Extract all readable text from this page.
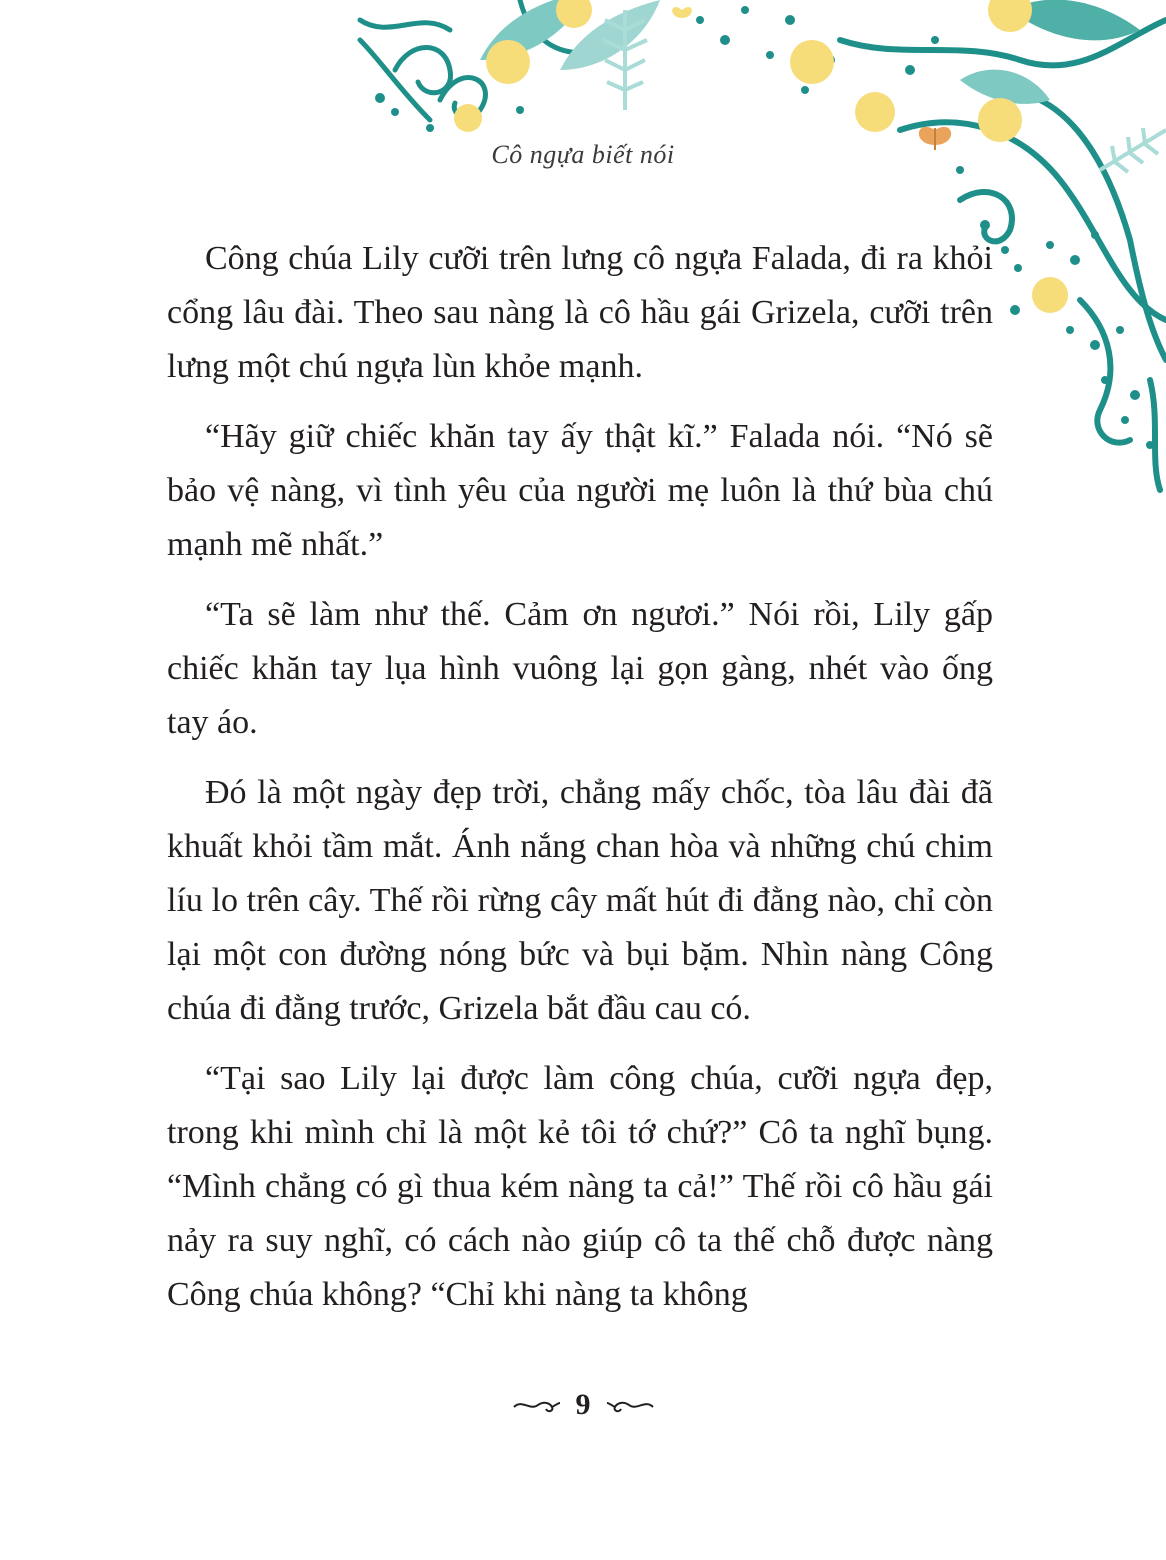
Cô ngựa biết nói

Công chúa Lily cưỡi trên lưng cô ngựa Falada, đi ra khỏi cổng lâu đài. Theo sau nàng là cô hầu gái Grizela, cưỡi trên lưng một chú ngựa lùn khỏe mạnh.

“Hãy giữ chiếc khăn tay ấy thật kĩ.” Falada nói. “Nó sẽ bảo vệ nàng, vì tình yêu của người mẹ luôn là thứ bùa chú mạnh mẽ nhất.”

“Ta sẽ làm như thế. Cảm ơn ngươi.” Nói rồi, Lily gấp chiếc khăn tay lụa hình vuông lại gọn gàng, nhét vào ống tay áo.

Đó là một ngày đẹp trời, chẳng mấy chốc, tòa lâu đài đã khuất khỏi tầm mắt. Ánh nắng chan hòa và những chú chim líu lo trên cây. Thế rồi rừng cây mất hút đi đằng nào, chỉ còn lại một con đường nóng bức và bụi bặm. Nhìn nàng Công chúa đi đằng trước, Grizela bắt đầu cau có.

“Tại sao Lily lại được làm công chúa, cưỡi ngựa đẹp, trong khi mình chỉ là một kẻ tôi tớ chứ?” Cô ta nghĩ bụng. “Mình chẳng có gì thua kém nàng ta cả!” Thế rồi cô hầu gái nảy ra suy nghĩ, có cách nào giúp cô ta thế chỗ được nàng Công chúa không? “Chỉ khi nàng ta không

9
